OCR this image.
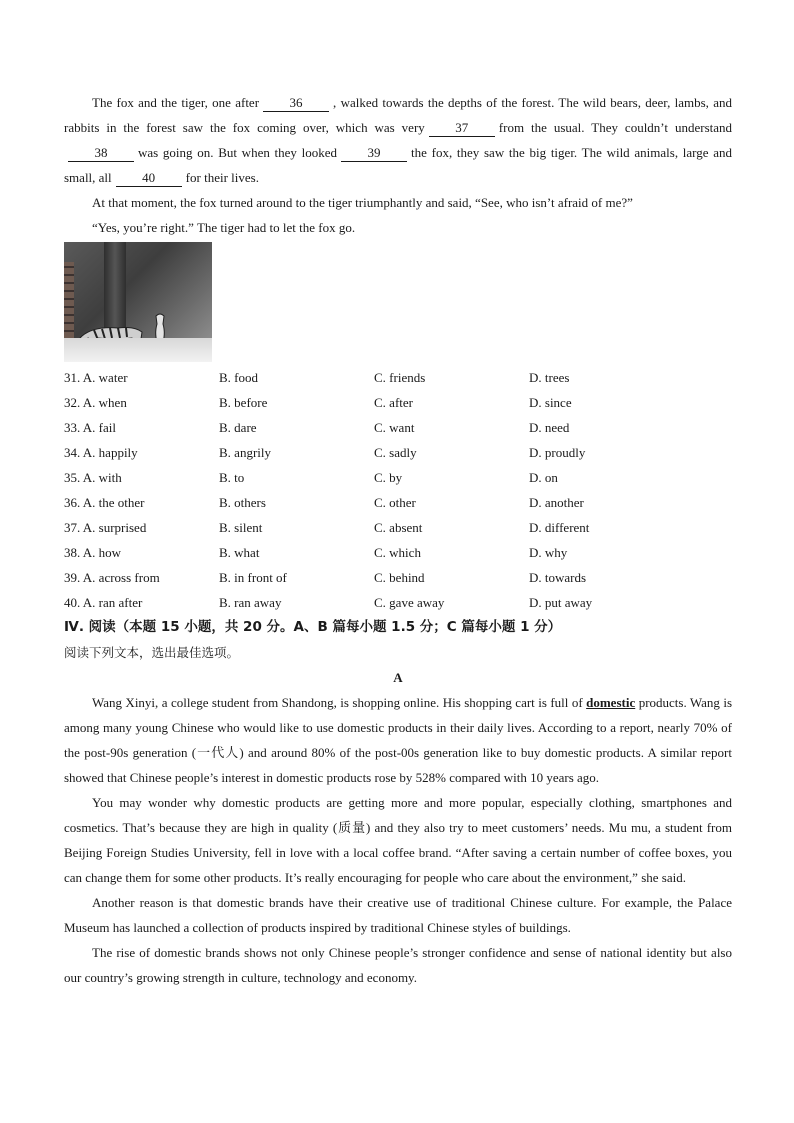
The fox and the tiger, one after 36 , walked towards the depths of the forest. The wild bears, deer, lambs, and rabbits in the forest saw the fox coming over, which was very 37 from the usual. They couldn’t understand38 was going on. But when they looked 39 the fox, they saw the big tiger. The wild animals, large and small, all 40 for their lives.

At that moment, the fox turned around to the tiger triumphantly and said, “See, who isn’t afraid of me?”

“Yes, you’re right.” The tiger had to let the fox go.

31. A. water	B. food	C. friends	D. trees
32. A. when	B. before	C. after	D. since
33. A. fail	B. dare	C. want	D. need
34. A. happily	B. angrily	C. sadly	D. proudly
35. A. with	B. to	C. by	D. on
36. A. the other	B. others	C. other	D. another
37. A. surprised	B. silent	C. absent	D. different
38. A. how	B. what	C. which	D. why
39. A. across from	B. in front of	C. behind	D. towards
40. A. ran after	B. ran away	C. gave away	D. put away
Ⅳ. 阅读（本题 15 小题，共 20 分。A、B 篇每小题 1.5 分；C 篇每小题 1 分）
阅读下列文本，选出最佳选项。
A

Wang Xinyi, a college student from Shandong, is shopping online. His shopping cart is full of domestic products. Wang is among many young Chinese who would like to use domestic products in their daily lives. According to a report, nearly 70% of the post-90s generation (一代人) and around 80% of the post-00s generation like to buy domestic products. A similar report showed that Chinese people’s interest in domestic products rose by 528% compared with 10 years ago.

You may wonder why domestic products are getting more and more popular, especially clothing, smartphones and cosmetics. That’s because they are high in quality (质量) and they also try to meet customers’ needs. Mu mu, a student from Beijing Foreign Studies University, fell in love with a local coffee brand. “After saving a certain number of coffee boxes, you can change them for some other products. It’s really encouraging for people who care about the environment,” she said.

Another reason is that domestic brands have their creative use of traditional Chinese culture. For example, the Palace Museum has launched a collection of products inspired by traditional Chinese styles of buildings.

The rise of domestic brands shows not only Chinese people’s stronger confidence and sense of national identity but also our country’s growing strength in culture, technology and economy.
